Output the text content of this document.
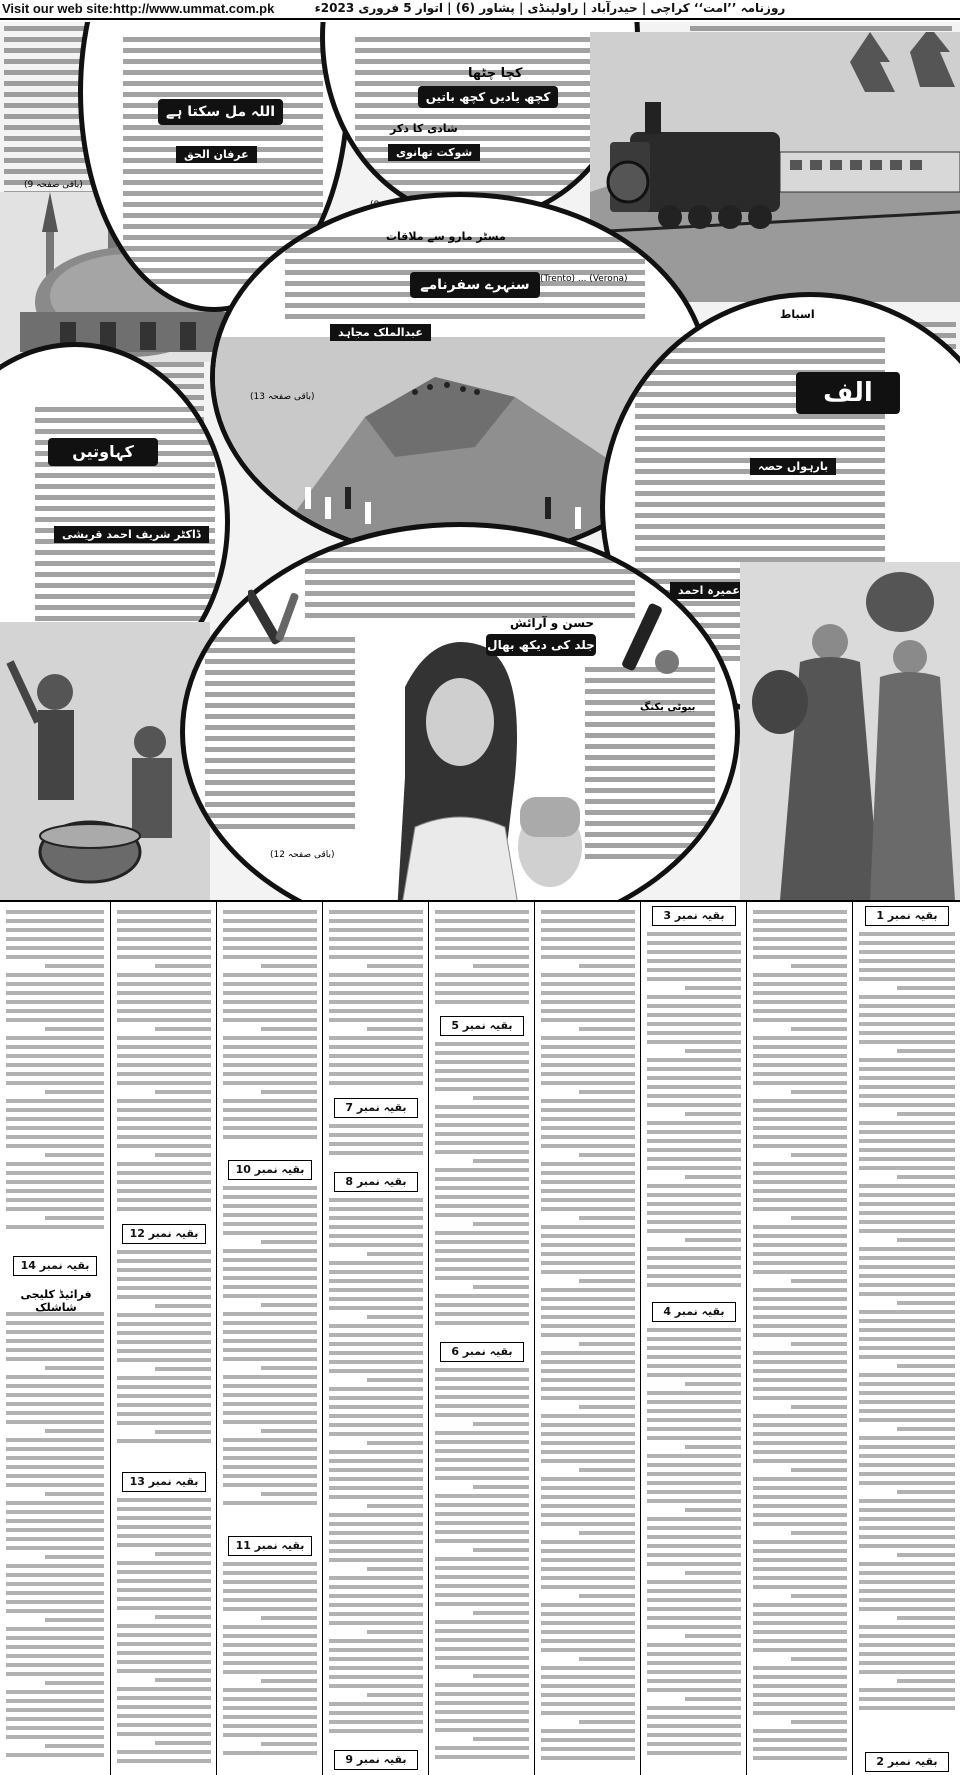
Visit our web site:http://www.ummat.com.pk	روزنامہ ’’امت‘‘ کراچی | حیدرآباد | راولپنڈی | پشاور (6) | اتوار 5 فروری 2023ء
اللہ مل سکتا ہے
عرفان الحق
(باقی صفحہ 9)
کچا چٹھا
کچھ یادیں کچھ باتیں
شادی کا ذکر
شوکت تھانوی
مسٹر مارو سے ملاقات
سنہرے سفرنامے
عبدالملک مجاہد
(Verona) ... (Trento)
(باقی صفحہ 13)
کہاوتیں
ڈاکٹر شریف احمد قریشی
اسباط
الف
بارہواں حصہ
عمیرہ احمد
حسن و آرائش
جلد کی دیکھ بھال
بیوٹی بکنگ
(باقی صفحہ 12)
بقیہ نمبر 1
بقیہ نمبر 2
بقیہ نمبر 3
بقیہ نمبر 4
بقیہ نمبر 5
بقیہ نمبر 6
بقیہ نمبر 7
بقیہ نمبر 8
بقیہ نمبر 9
بقیہ نمبر 10
بقیہ نمبر 11
بقیہ نمبر 12
بقیہ نمبر 13
بقیہ نمبر 14
فرائیڈ کلیجی شاشلک
